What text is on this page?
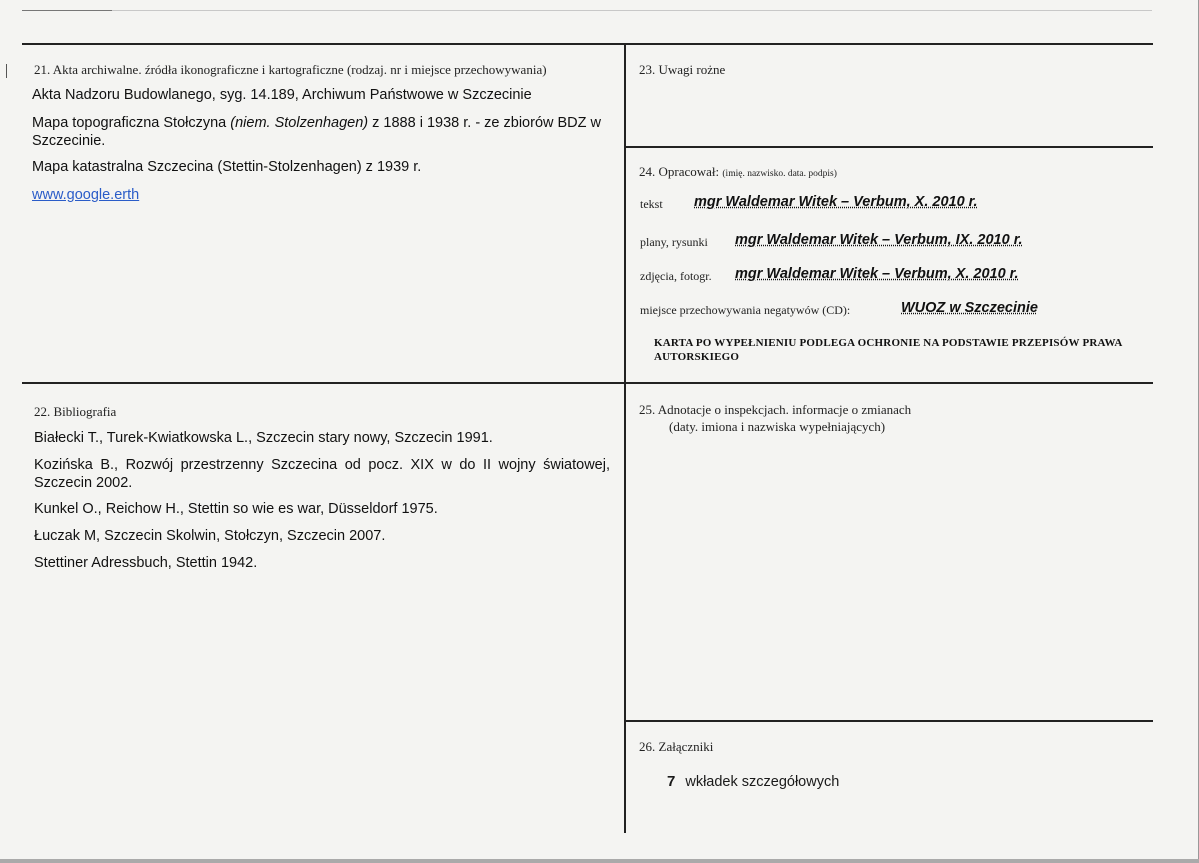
21. Akta archiwalne. źródła ikonograficzne i kartograficzne (rodzaj. nr i miejsce przechowywania)
Akta Nadzoru Budowlanego, syg. 14.189, Archiwum Państwowe w Szczecinie
Mapa topograficzna Stołczyna (niem. Stolzenhagen) z 1888 i 1938 r. - ze zbiorów BDZ w Szczecinie.
Mapa katastralna Szczecina (Stettin-Stolzenhagen) z 1939 r.
www.google.erth
23. Uwagi rożne
24. Opracował: (imię. nazwisko. data. podpis)
tekst mgr Waldemar Witek – Verbum, X. 2010 r.
plany, rysunki mgr Waldemar Witek – Verbum, IX. 2010 r.
zdjęcia, fotogr. mgr Waldemar Witek – Verbum, X. 2010 r.
miejsce przechowywania negatywów (CD):	WUOZ w Szczecinie
KARTA PO WYPEŁNIENIU PODLEGA OCHRONIE NA PODSTAWIE PRZEPISÓW PRAWA AUTORSKIEGO
22. Bibliografia
Białecki T., Turek-Kwiatkowska L., Szczecin stary nowy, Szczecin 1991.
Kozińska B., Rozwój przestrzenny Szczecina od pocz. XIX w do II wojny światowej, Szczecin 2002.
Kunkel O., Reichow H., Stettin so wie es war, Düsseldorf 1975.
Łuczak M, Szczecin Skolwin, Stołczyn, Szczecin 2007.
Stettiner Adressbuch, Stettin 1942.
25. Adnotacje o inspekcjach. informacje o zmianach
(daty. imiona i nazwiska wypełniających)
26. Załączniki
7 wkładek szczegółowych
